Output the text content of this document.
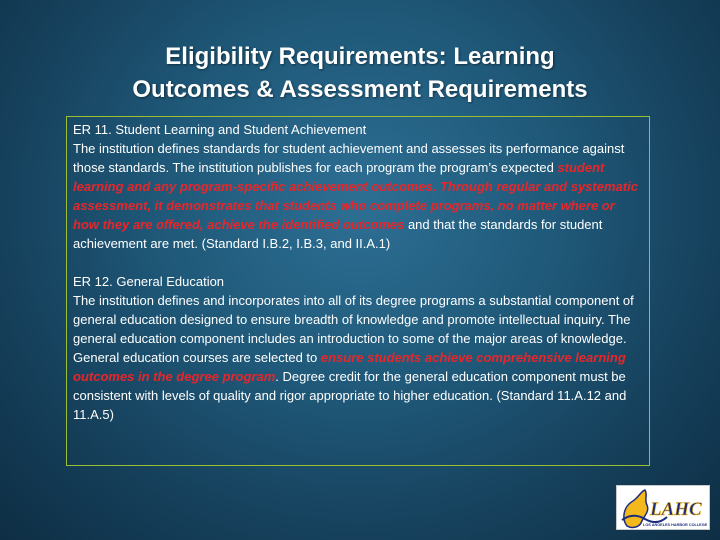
Eligibility Requirements: Learning
Outcomes & Assessment Requirements

ER 11. Student Learning and Student Achievement

The institution defines standards for student achievement and assesses its performance against those standards. The institution publishes for each program the program’s expected student learning and any program-specific achievement outcomes. Through regular and systematic assessment, it demonstrates that students who complete programs, no matter where or how they are offered, achieve the identified outcomes and that the standards for student achievement are met. (Standard I.B.2, I.B.3, and II.A.1)

ER 12. General Education

The institution defines and incorporates into all of its degree programs a substantial component of general education designed to ensure breadth of knowledge and promote intellectual inquiry. The general education component includes an introduction to some of the major areas of knowledge. General education courses are selected to ensure students achieve comprehensive learning outcomes in the degree program. Degree credit for the general education component must be consistent with levels of quality and rigor appropriate to higher education. (Standard 11.A.12 and 11.A.5)

LAHC
LOS ANGELES HARBOR COLLEGE
